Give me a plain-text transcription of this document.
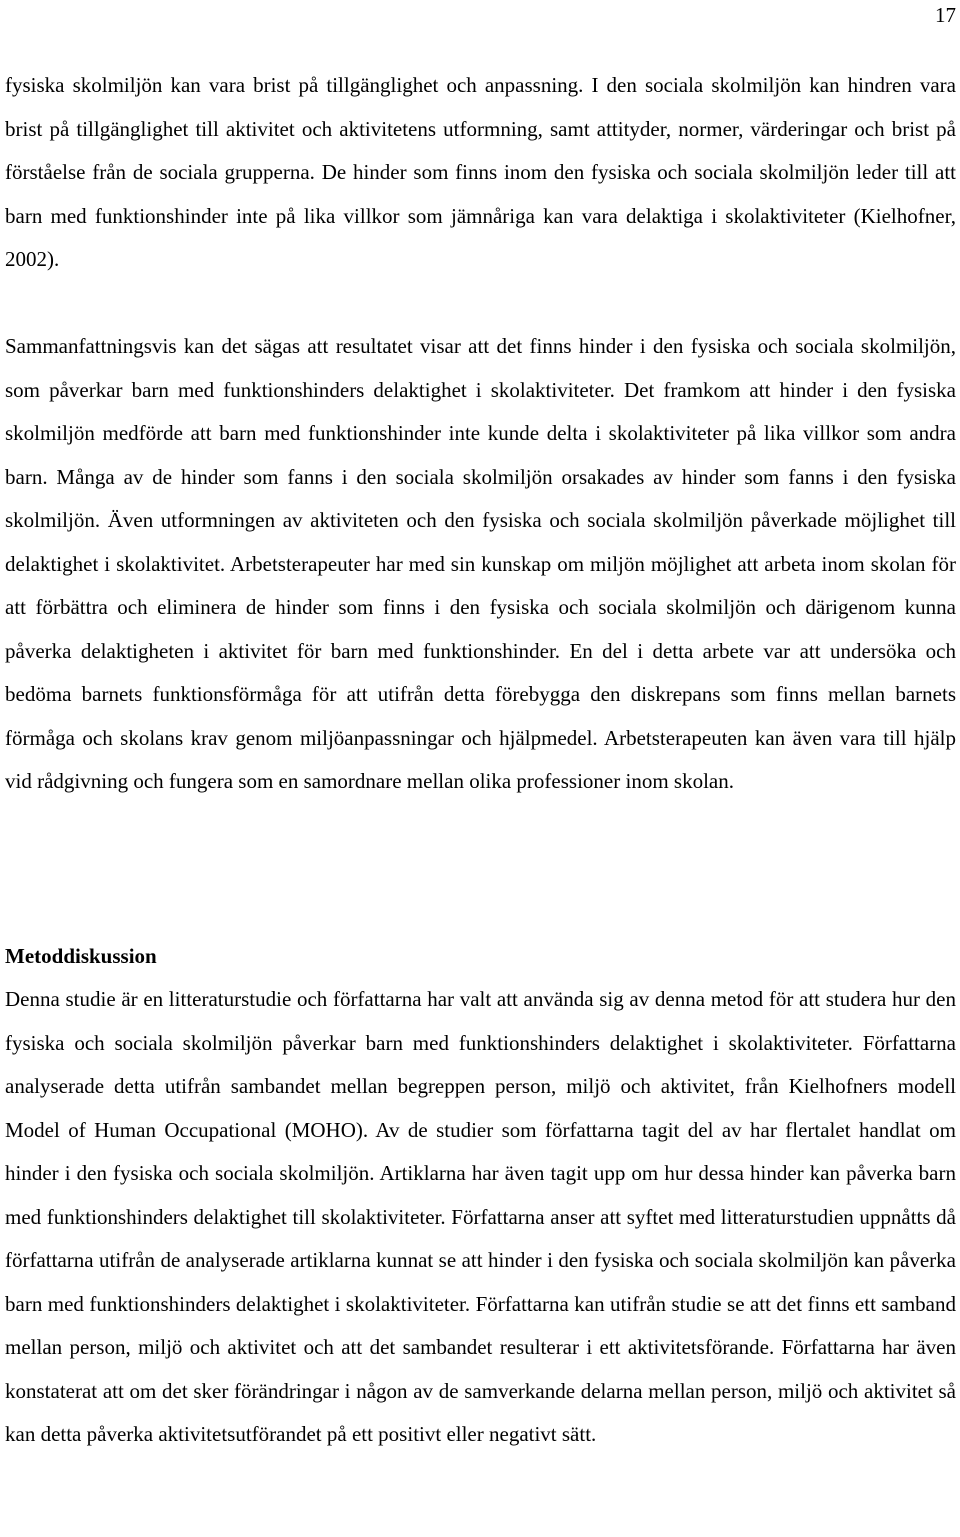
17

fysiska skolmiljön kan vara brist på tillgänglighet och anpassning. I den sociala skolmiljön kan hindren vara brist på tillgänglighet till aktivitet och aktivitetens utformning, samt attityder, normer, värderingar och brist på förståelse från de sociala grupperna. De hinder som finns inom den fysiska och sociala skolmiljön leder till att barn med funktionshinder inte på lika villkor som jämnåriga kan vara delaktiga i skolaktiviteter (Kielhofner, 2002).

Sammanfattningsvis kan det sägas att resultatet visar att det finns hinder i den fysiska och sociala skolmiljön, som påverkar barn med funktionshinders delaktighet i skolaktiviteter. Det framkom att hinder i den fysiska skolmiljön medförde att barn med funktionshinder inte kunde delta i skolaktiviteter på lika villkor som andra barn. Många av de hinder som fanns i den sociala skolmiljön orsakades av hinder som fanns i den fysiska skolmiljön. Även utformningen av aktiviteten och den fysiska och sociala skolmiljön påverkade möjlighet till delaktighet i skolaktivitet. Arbetsterapeuter har med sin kunskap om miljön möjlighet att arbeta inom skolan för att förbättra och eliminera de hinder som finns i den fysiska och sociala skolmiljön och därigenom kunna påverka delaktigheten i aktivitet för barn med funktionshinder. En del i detta arbete var att undersöka och bedöma barnets funktionsförmåga för att utifrån detta förebygga den diskrepans som finns mellan barnets förmåga och skolans krav genom miljöanpassningar och hjälpmedel. Arbetsterapeuten kan även vara till hjälp vid rådgivning och fungera som en samordnare mellan olika professioner inom skolan.

Metoddiskussion

Denna studie är en litteraturstudie och författarna har valt att använda sig av denna metod för att studera hur den fysiska och sociala skolmiljön påverkar barn med funktionshinders delaktighet i skolaktiviteter. Författarna analyserade detta utifrån sambandet mellan begreppen person, miljö och aktivitet, från Kielhofners modell Model of Human Occupational (MOHO). Av de studier som författarna tagit del av har flertalet handlat om hinder i den fysiska och sociala skolmiljön. Artiklarna har även tagit upp om hur dessa hinder kan påverka barn med funktionshinders delaktighet till skolaktiviteter. Författarna anser att syftet med litteraturstudien uppnåtts då författarna utifrån de analyserade artiklarna kunnat se att hinder i den fysiska och sociala skolmiljön kan påverka barn med funktionshinders delaktighet i skolaktiviteter. Författarna kan utifrån studie se att det finns ett samband mellan person, miljö och aktivitet och att det sambandet resulterar i ett aktivitetsförande. Författarna har även konstaterat att om det sker förändringar i någon av de samverkande delarna mellan person, miljö och aktivitet så kan detta påverka aktivitetsutförandet på ett positivt eller negativt sätt.
